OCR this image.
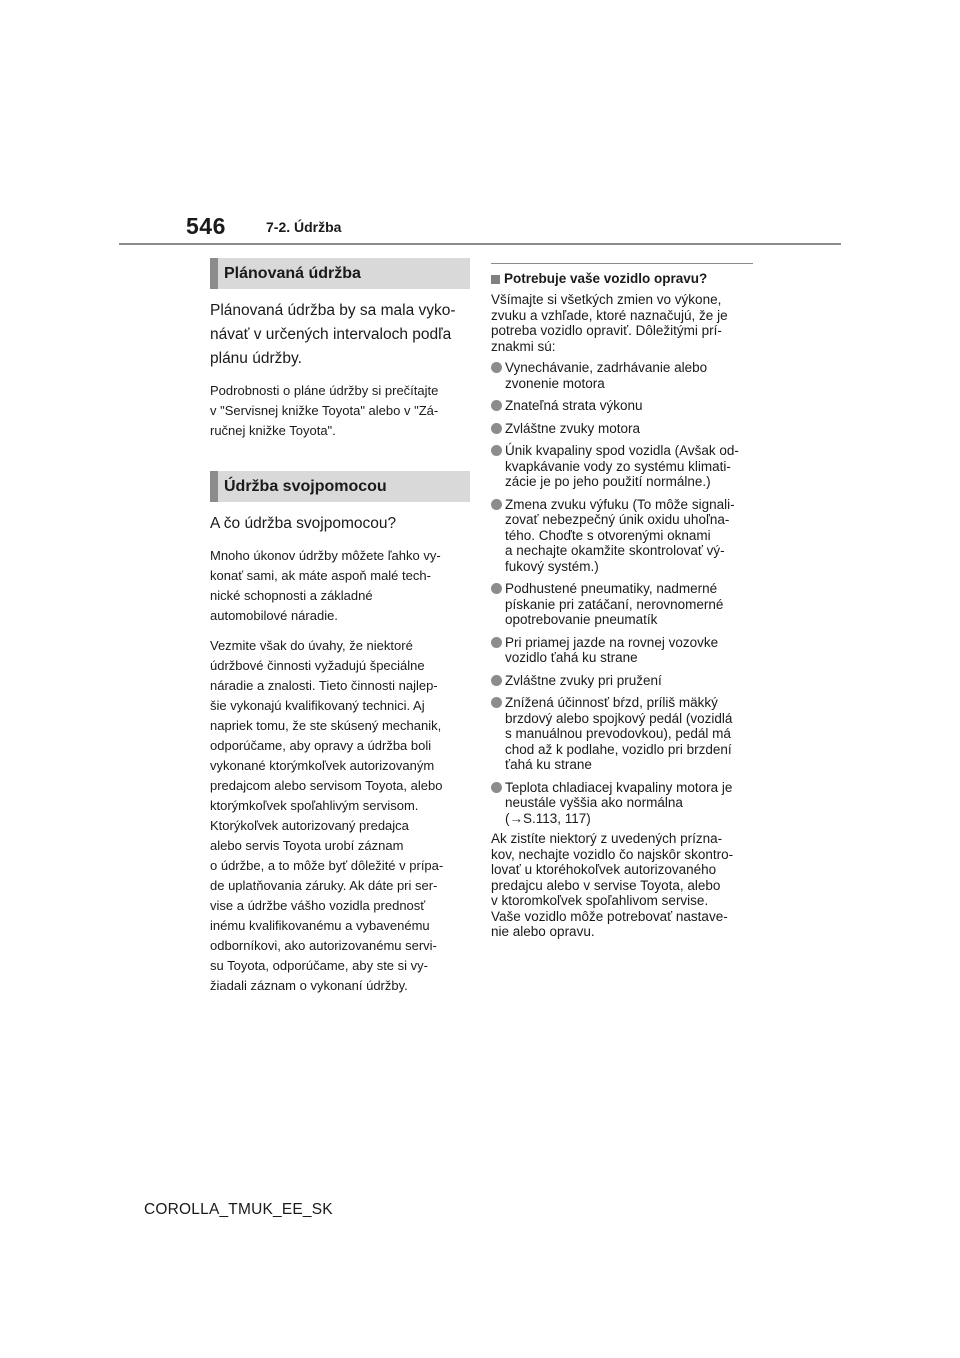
546	7-2. Údržba
Plánovaná údržba

Plánovaná údržba by sa mala vyko-
návať v určených intervaloch podľa
plánu údržby.

Podrobnosti o pláne údržby si prečítajte
v "Servisnej knižke Toyota" alebo v "Zá-
ručnej knižke Toyota".

Údržba svojpomocou

A čo údržba svojpomocou?

Mnoho úkonov údržby môžete ľahko vy-
konať sami, ak máte aspoň malé tech-
nické schopnosti a základné
automobilové náradie.

Vezmite však do úvahy, že niektoré
údržbové činnosti vyžadujú špeciálne
náradie a znalosti. Tieto činnosti najlep-
šie vykonajú kvalifikovaný technici. Aj
napriek tomu, že ste skúsený mechanik,
odporúčame, aby opravy a údržba boli
vykonané ktorýmkoľvek autorizovaným
predajcom alebo servisom Toyota, alebo
ktorýmkoľvek spoľahlivým servisom.
Ktorýkoľvek autorizovaný predajca
alebo servis Toyota urobí záznam
o údržbe, a to môže byť dôležité v prípa-
de uplatňovania záruky. Ak dáte pri ser-
vise a údržbe vášho vozidla prednosť
inému kvalifikovanému a vybavenému
odborníkovi, ako autorizovanému servi-
su Toyota, odporúčame, aby ste si vy-
žiadali záznam o vykonaní údržby.

Potrebuje vaše vozidlo opravu?

Všímajte si všetkých zmien vo výkone,
zvuku a vzhľade, ktoré naznačujú, že je
potreba vozidlo opraviť. Dôležitými prí-
znakmi sú:

Vynechávanie, zadrhávanie alebo
zvonenie motora
Znateľná strata výkonu
Zvláštne zvuky motora
Únik kvapaliny spod vozidla (Avšak od-
kvapkávanie vody zo systému klimati-
zácie je po jeho použití normálne.)
Zmena zvuku výfuku (To môže signali-
zovať nebezpečný únik oxidu uhoľna-
tého. Choďte s otvorenými oknami
a nechajte okamžite skontrolovať vý-
fukový systém.)
Podhustené pneumatiky, nadmerné
pískanie pri zatáčaní, nerovnomerné
opotrebovanie pneumatík
Pri priamej jazde na rovnej vozovke
vozidlo ťahá ku strane
Zvláštne zvuky pri pružení
Znížená účinnosť bŕzd, príliš mäkký
brzdový alebo spojkový pedál (vozidlá
s manuálnou prevodovkou), pedál má
chod až k podlahe, vozidlo pri brzdení
ťahá ku strane
Teplota chladiacej kvapaliny motora je
neustále vyššia ako normálna
(→S.113, 117)

Ak zistíte niektorý z uvedených prízna-
kov, nechajte vozidlo čo najskôr skontro-
lovať u ktoréhokoľvek autorizovaného
predajcu alebo v servise Toyota, alebo
v ktoromkoľvek spoľahlivom servise.
Vaše vozidlo môže potrebovať nastave-
nie alebo opravu.

COROLLA_TMUK_EE_SK
